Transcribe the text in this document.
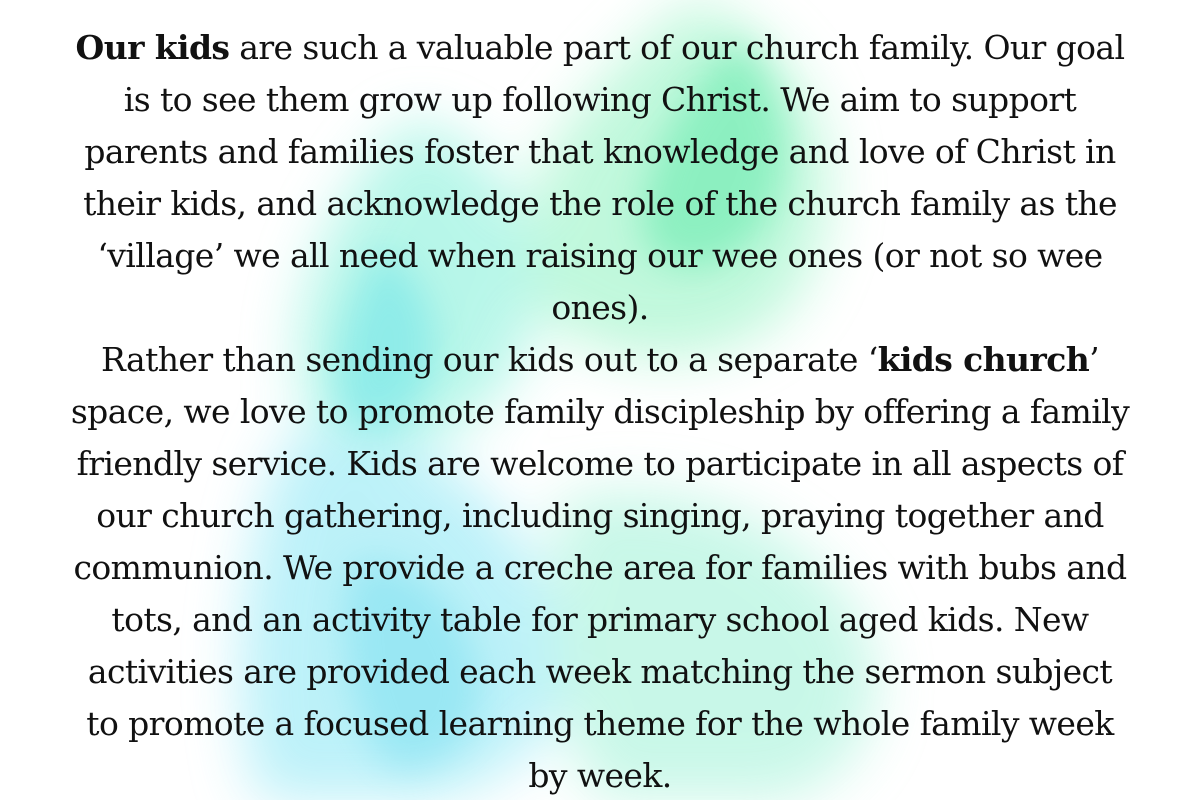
Our kids are such a valuable part of our church family. Our goal is to see them grow up following Christ. We aim to support parents and families foster that knowledge and love of Christ in their kids, and acknowledge the role of the church family as the ‘village’ we all need when raising our wee ones (or not so wee ones).

Rather than sending our kids out to a separate ‘kids church’ space, we love to promote family discipleship by offering a family friendly service. Kids are welcome to participate in all aspects of our church gathering, including singing, praying together and communion. We provide a creche area for families with bubs and tots, and an activity table for primary school aged kids. New activities are provided each week matching the sermon subject to promote a focused learning theme for the whole family week by week.
